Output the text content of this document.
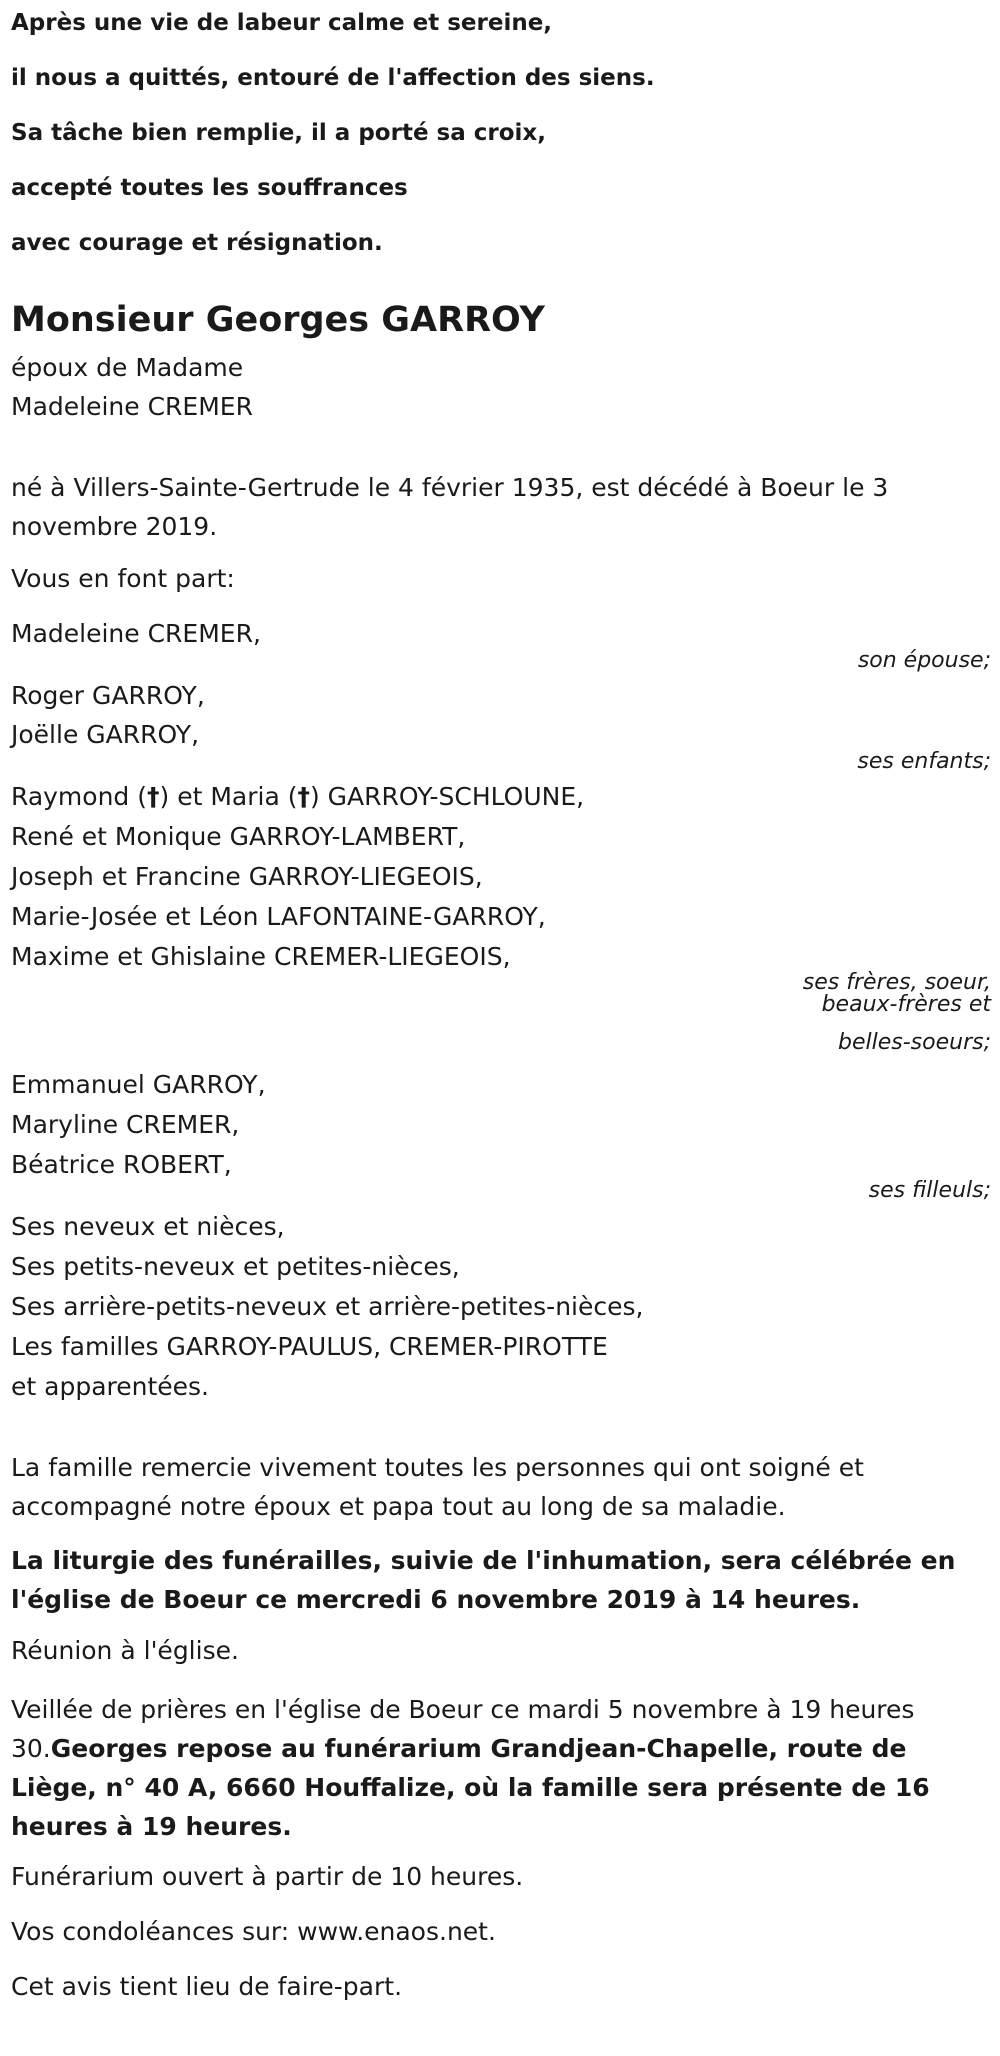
Après une vie de labeur calme et sereine,
il nous a quittés, entouré de l'affection des siens.
Sa tâche bien remplie, il a porté sa croix,
accepté toutes les souffrances
avec courage et résignation.
Monsieur Georges GARROY
époux de Madame
Madeleine CREMER
né à Villers-Sainte-Gertrude le 4 février 1935, est décédé à Boeur le 3 novembre 2019.
Vous en font part:
Madeleine CREMER,
son épouse;
Roger GARROY,
Joëlle GARROY,
ses enfants;
Raymond (†) et Maria (†) GARROY-SCHLOUNE,
René et Monique GARROY-LAMBERT,
Joseph et Francine GARROY-LIEGEOIS,
Marie-Josée et Léon LAFONTAINE-GARROY,
Maxime et Ghislaine CREMER-LIEGEOIS,
ses frères, soeur,
beaux-frères et
belles-soeurs;
Emmanuel GARROY,
Maryline CREMER,
Béatrice ROBERT,
ses filleuls;
Ses neveux et nièces,
Ses petits-neveux et petites-nièces,
Ses arrière-petits-neveux et arrière-petites-nièces,
Les familles GARROY-PAULUS, CREMER-PIROTTE
et apparentées.
La famille remercie vivement toutes les personnes qui ont soigné et accompagné notre époux et papa tout au long de sa maladie.
La liturgie des funérailles, suivie de l'inhumation, sera célébrée en l'église de Boeur ce mercredi 6 novembre 2019 à 14 heures.
Réunion à l'église.
Veillée de prières en l'église de Boeur ce mardi 5 novembre à 19 heures 30.Georges repose au funérarium Grandjean-Chapelle, route de Liège, n° 40 A, 6660 Houffalize, où la famille sera présente de 16 heures à 19 heures.
Funérarium ouvert à partir de 10 heures.
Vos condoléances sur: www.enaos.net.
Cet avis tient lieu de faire-part.
